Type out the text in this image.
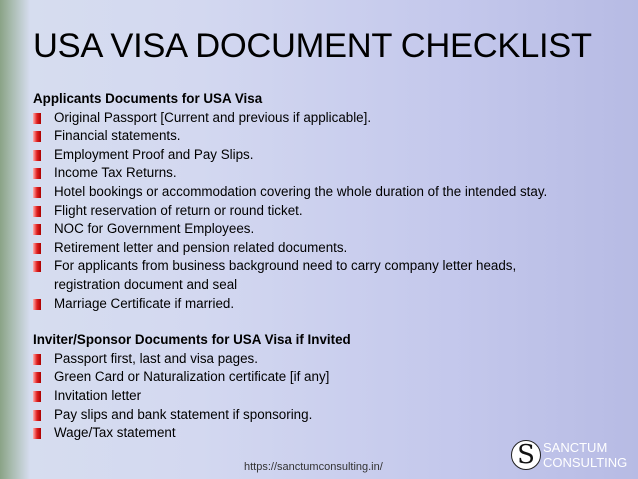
USA VISA DOCUMENT CHECKLIST
Applicants Documents for USA Visa
Original Passport [Current and previous if applicable].
Financial statements.
Employment Proof and Pay Slips.
Income Tax Returns.
Hotel bookings or accommodation covering the whole duration of the intended stay.
Flight reservation of return or round ticket.
NOC for Government Employees.
Retirement letter and pension related documents.
For applicants from business background need to carry company letter heads,
registration document and seal
Marriage Certificate if married.
Inviter/Sponsor Documents for USA Visa if Invited
Passport first, last and visa pages.
Green Card or Naturalization certificate [if any]
Invitation letter
Pay slips and bank statement if sponsoring.
Wage/Tax statement
https://sanctumconsulting.in/	S SANCTUM
CONSULTING
